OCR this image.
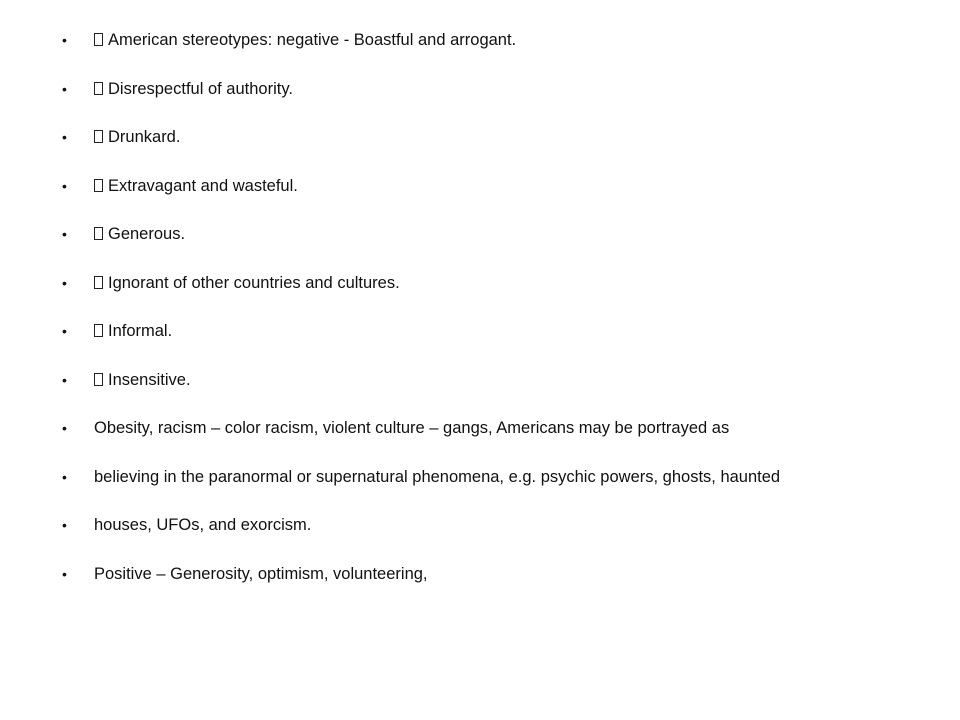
•	American stereotypes: negative - Boastful and arrogant.
•	Disrespectful of authority.
•	Drunkard.
•	Extravagant and wasteful.
•	Generous.
•	Ignorant of other countries and cultures.
•	Informal.
•	Insensitive.
• Obesity, racism – color racism, violent culture – gangs, Americans may be portrayed as
• believing in the paranormal or supernatural phenomena, e.g. psychic powers, ghosts, haunted
• houses, UFOs, and exorcism.
• Positive – Generosity, optimism, volunteering,
